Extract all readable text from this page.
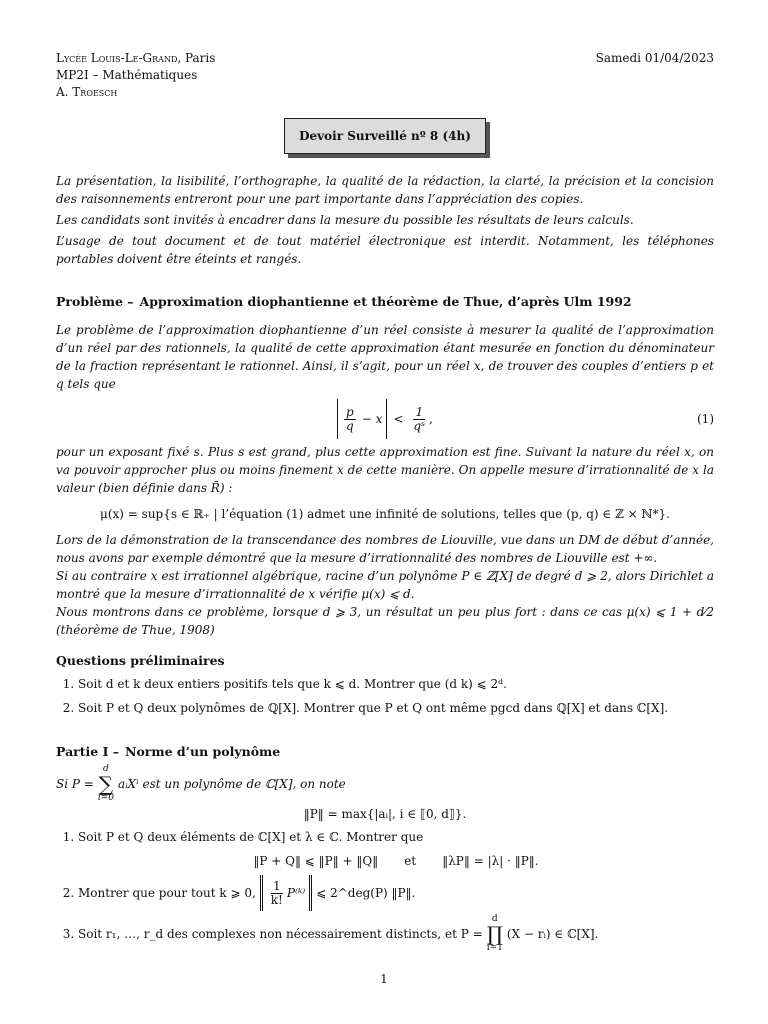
Lycée Louis-Le-Grand, Paris
MP2I – Mathématiques
A. Troesch
Samedi 01/04/2023
Devoir Surveillé nº 8 (4h)

La présentation, la lisibilité, l’orthographe, la qualité de la rédaction, la clarté, la précision et la concision des raisonnements entreront pour une part importante dans l’appréciation des copies.

Les candidats sont invités à encadrer dans la mesure du possible les résultats de leurs calculs.

L’usage de tout document et de tout matériel électronique est interdit. Notamment, les téléphones portables doivent être éteints et rangés.

Problème – Approximation diophantienne et théorème de Thue, d’après Ulm 1992

Le problème de l’approximation diophantienne d’un réel consiste à mesurer la qualité de l’approximation d’un réel par des rationnels, la qualité de cette approximation étant mesurée en fonction du dénominateur de la fraction représentant le rationnel. Ainsi, il s’agit, pour un réel x, de trouver des couples d’entiers p et q tels que

$\frac{p}{q} - x < \frac{1}{\text{qˢ}}$ ,	(1)

pour un exposant fixé s. Plus s est grand, plus cette approximation est fine. Suivant la nature du réel x, on va pouvoir approcher plus ou moins finement x de cette manière. On appelle mesure d’irrationnalité de x la valeur (bien définie dans R̄) :

μ(x) = sup{s ∈ ℝ₊ | l’équation (1) admet une infinité de solutions, telles que (p, q) ∈ ℤ × ℕ*}.

Lors de la démonstration de la transcendance des nombres de Liouville, vue dans un DM de début d’année, nous avons par exemple démontré que la mesure d’irrationnalité des nombres de Liouville est +∞.

Si au contraire x est irrationnel algébrique, racine d’un polynôme P ∈ ℤ[X] de degré d ⩾ 2, alors Dirichlet a montré que la mesure d’irrationnalité de x vérifie μ(x) ⩽ d.

Nous montrons dans ce problème, lorsque d ⩾ 3, un résultat un peu plus fort : dans ce cas μ(x) ⩽ 1 + d⁄2 (théorème de Thue, 1908)

Questions préliminaires
1. Soit d et k deux entiers positifs tels que k ⩽ d. Montrer que (d k) ⩽ 2ᵈ.
2. Soit P et Q deux polynômes de ℚ[X]. Montrer que P et Q ont même pgcd dans ℚ[X] et dans ℂ[X].
Partie I – Norme d’un polynôme

Si P =
d
∑
i=0
aᵢXⁱ est un polynôme de ℂ[X], on note

‖P‖ = max{|aᵢ|, i ∈ ⟦0, d⟧}.
1. Soit P et Q deux éléments de ℂ[X] et λ ∈ ℂ. Montrer que
‖P + Q‖ ⩽ ‖P‖ + ‖Q‖ et ‖λP‖ = |λ| · ‖P‖.
2. Montrer que pour tout k ⩾ 0, $\frac{1}{k!}$ P⁽ᵏ⁾ ⩽ 2^deg(P) ‖P‖.
3. Soit r₁, …, r_d des complexes non nécessairement distincts, et P =
d
∏
i=1
(X − rᵢ) ∈ ℂ[X].
1
